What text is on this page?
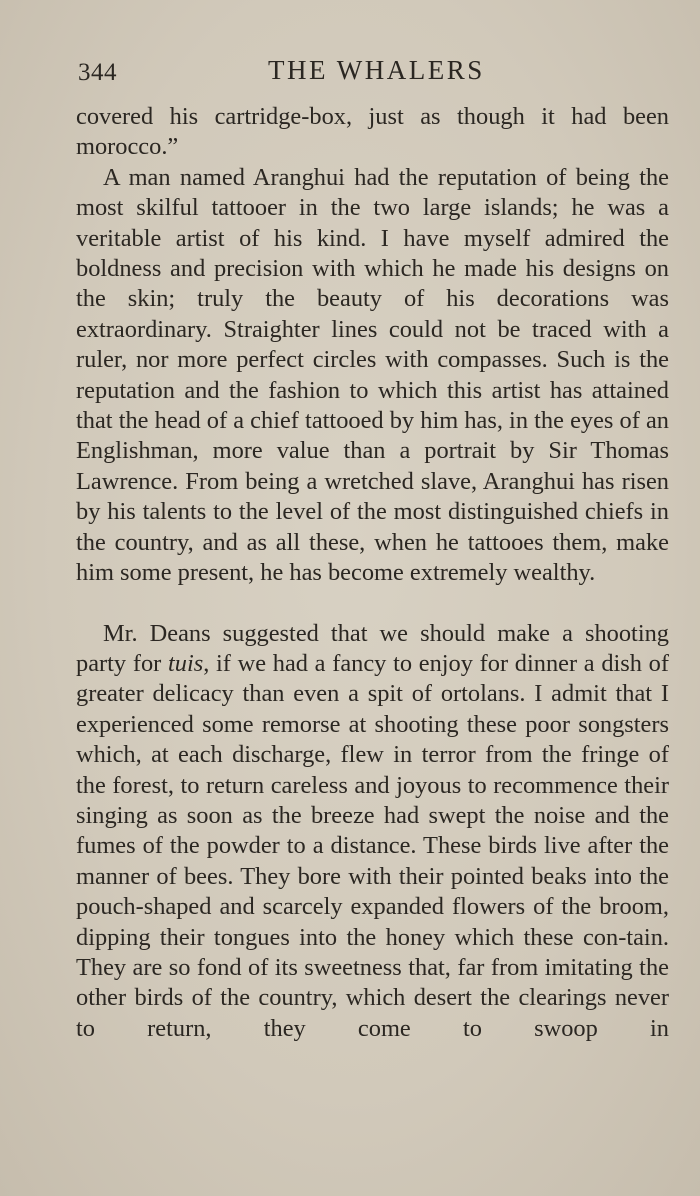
344	THE WHALERS

covered his cartridge-box, just as though it had been morocco.”

A man named Aranghui had the reputation of being the most skilful tattooer in the two large islands; he was a veritable artist of his kind. I have myself admired the boldness and precision with which he made his designs on the skin; truly the beauty of his decorations was extraordinary. Straighter lines could not be traced with a ruler, nor more perfect circles with compasses. Such is the reputation and the fashion to which this artist has attained that the head of a chief tattooed by him has, in the eyes of an Englishman, more value than a portrait by Sir Thomas Lawrence. From being a wretched slave, Aranghui has risen by his talents to the level of the most distinguished chiefs in the country, and as all these, when he tattooes them, make him some present, he has become extremely wealthy.

Mr. Deans suggested that we should make a shooting party for tuis, if we had a fancy to enjoy for dinner a dish of greater delicacy than even a spit of ortolans. I admit that I experienced some remorse at shooting these poor songsters which, at each discharge, flew in terror from the fringe of the forest, to return careless and joyous to recommence their singing as soon as the breeze had swept the noise and the fumes of the powder to a distance. These birds live after the manner of bees. They bore with their pointed beaks into the pouch-shaped and scarcely expanded flowers of the broom, dipping their tongues into the honey which these con-tain. They are so fond of its sweetness that, far from imitating the other birds of the country, which desert the clearings never to return, they come to swoop in
